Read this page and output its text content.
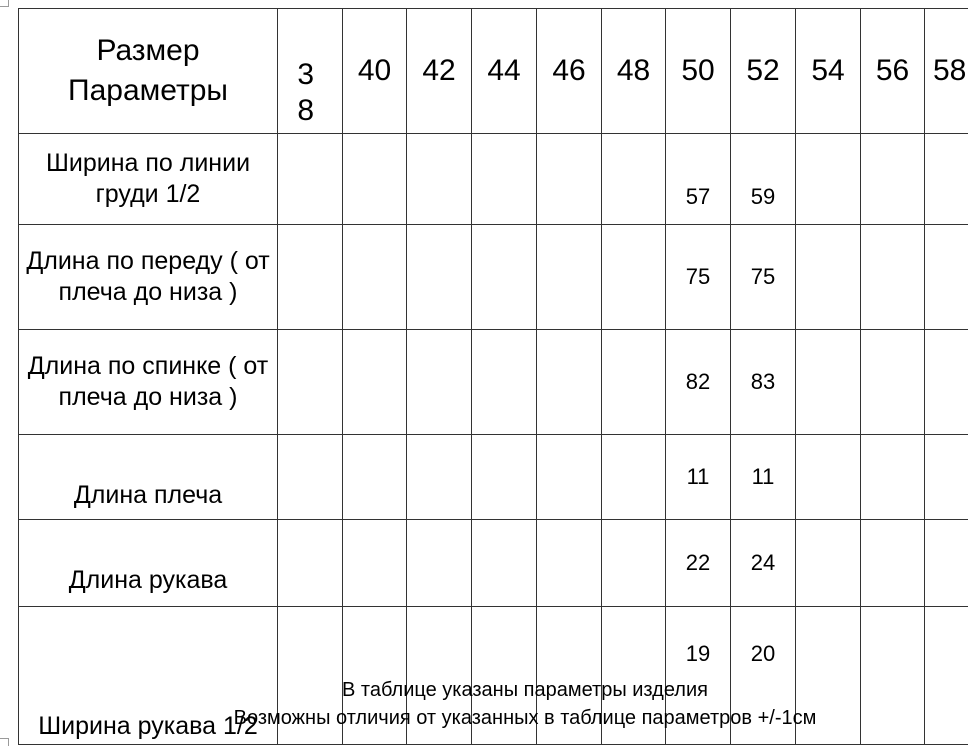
Размер
Параметры	3 8	40	42	44	46	48	50	52	54	56	58
Ширина по линии груди 1/2							57	59			
Длина по переду ( от плеча до низа )							75	75			
Длина по спинке ( от плеча до низа )							82	83			
Длина плеча							11	11			
Длина рукава							22	24			
Ширина рукава 1/2							19	20			
В таблице указаны параметры изделия
Возможны отличия от указанных в таблице параметров +/-1см
